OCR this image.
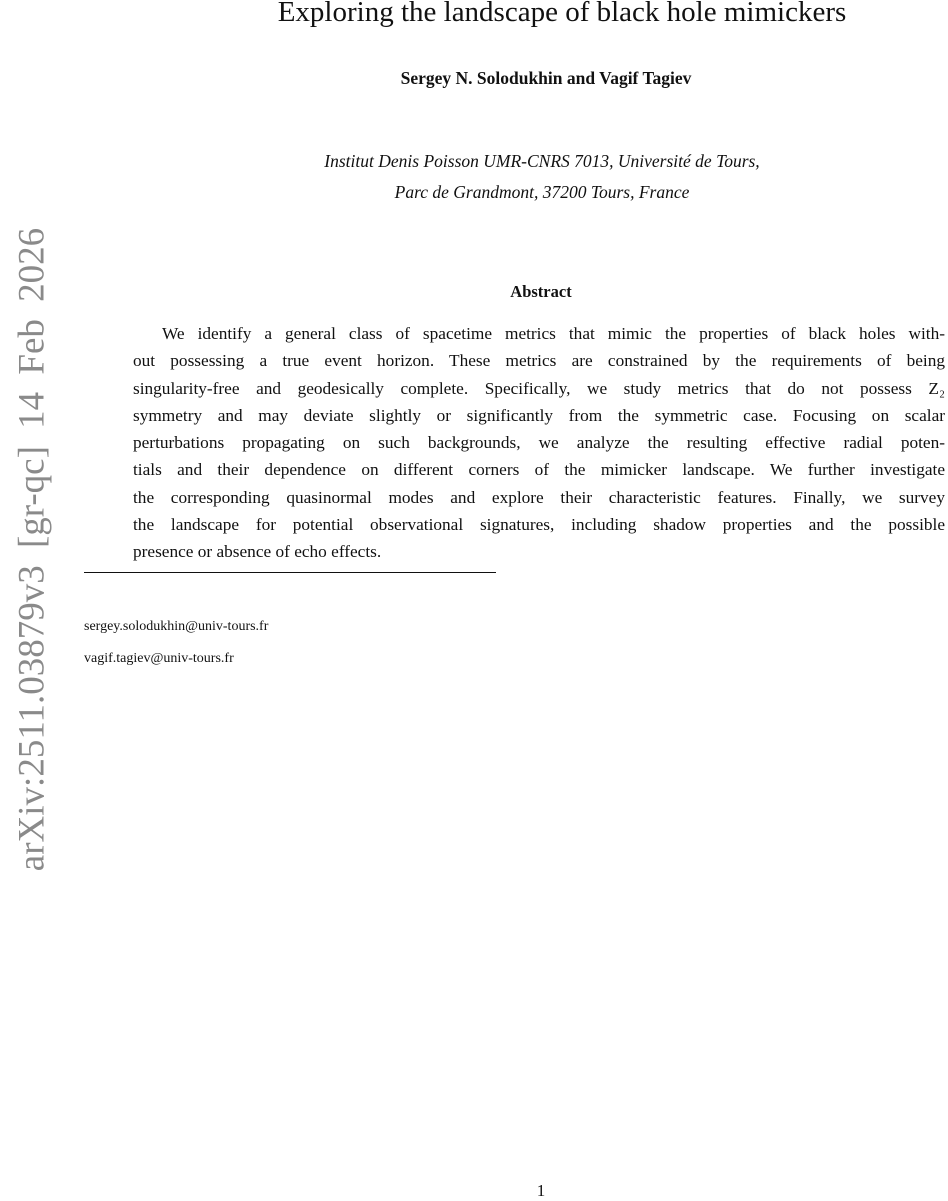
Exploring the landscape of black hole mimickers
Sergey N. Solodukhin and Vagif Tagiev
Institut Denis Poisson UMR-CNRS 7013, Université de Tours,
Parc de Grandmont, 37200 Tours, France
Abstract
We identify a general class of spacetime metrics that mimic the properties of black holes with-
out possessing a true event horizon. These metrics are constrained by the requirements of being
singularity-free and geodesically complete. Specifically, we study metrics that do not possess Z₂
symmetry and may deviate slightly or significantly from the symmetric case. Focusing on scalar
perturbations propagating on such backgrounds, we analyze the resulting effective radial poten-
tials and their dependence on different corners of the mimicker landscape. We further investigate
the corresponding quasinormal modes and explore their characteristic features. Finally, we survey
the landscape for potential observational signatures, including shadow properties and the possible
presence or absence of echo effects.
sergey.solodukhin@univ-tours.fr
vagif.tagiev@univ-tours.fr
1
arXiv:2511.03879v3 [gr-qc] 14 Feb 2026
